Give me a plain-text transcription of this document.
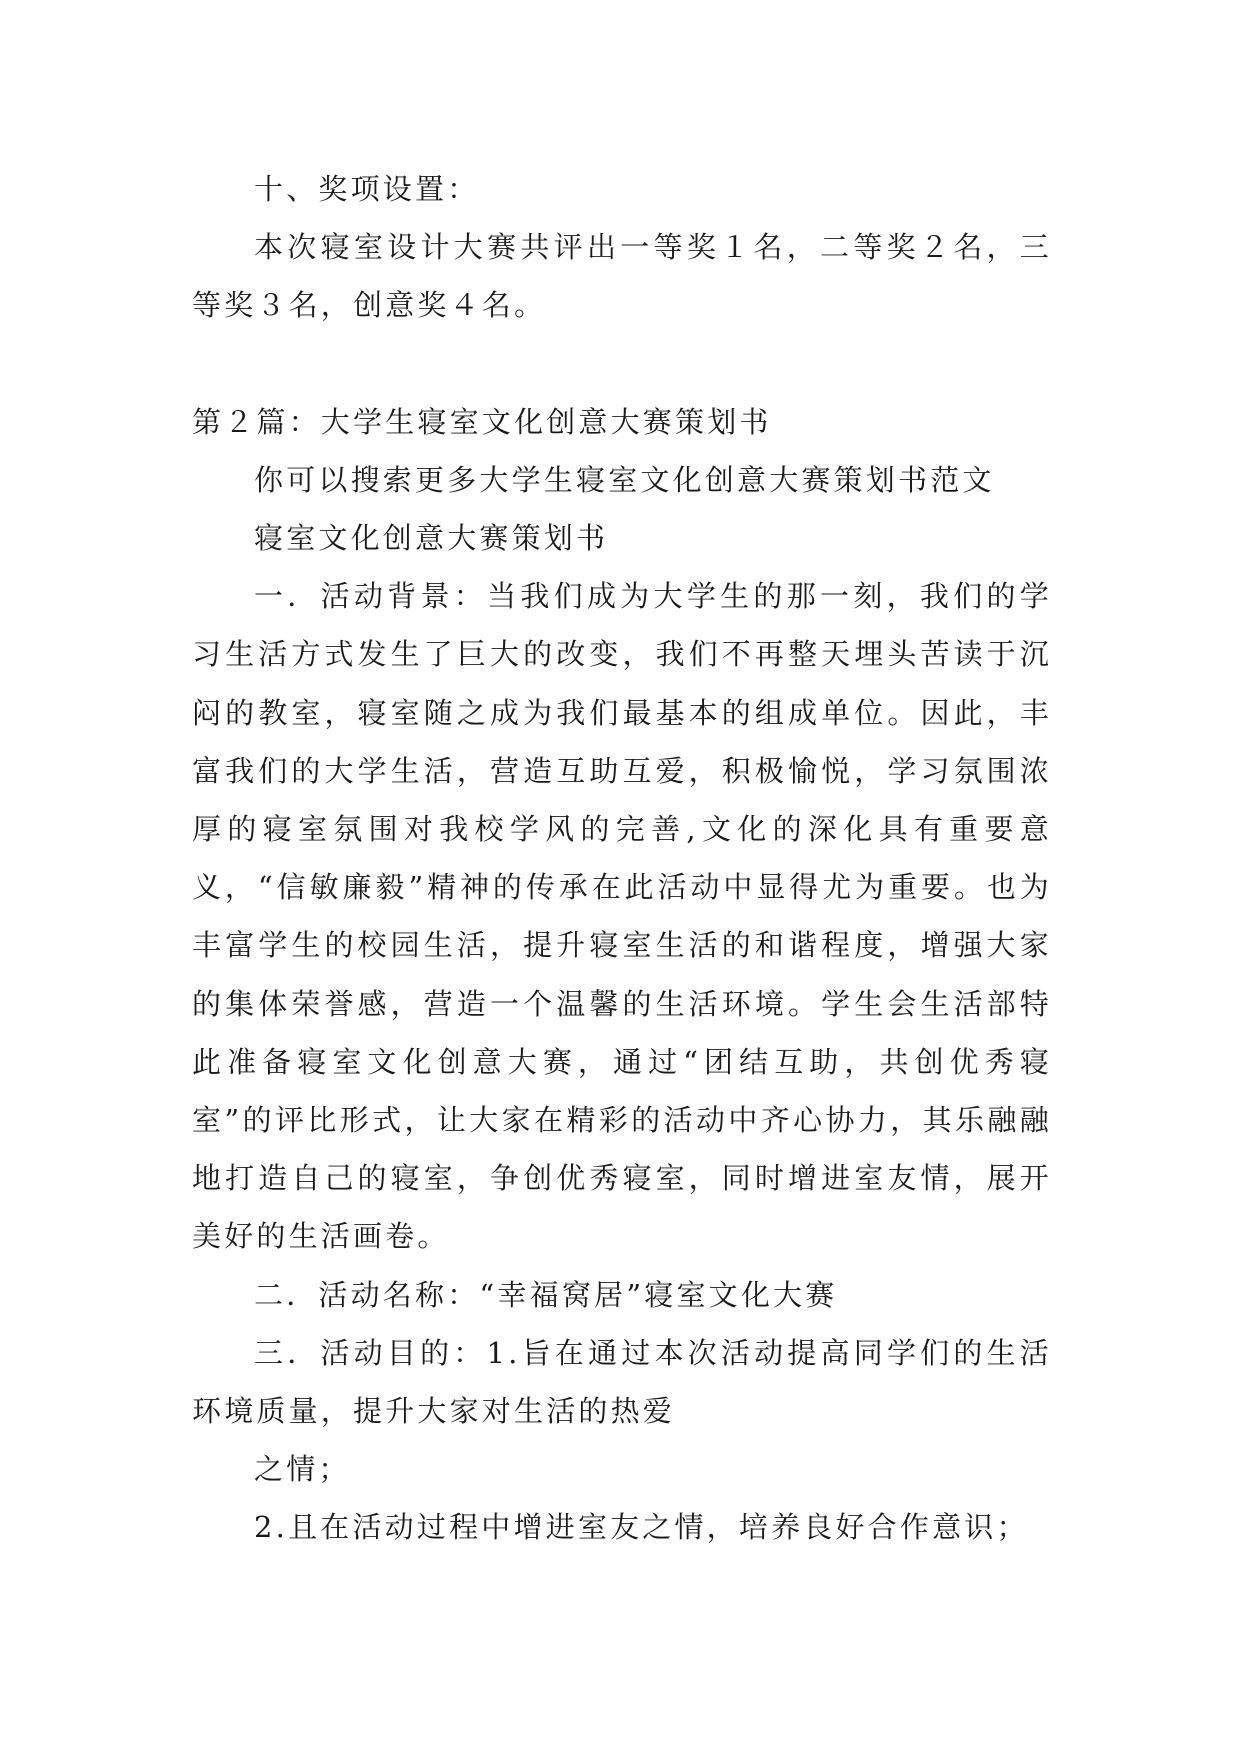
十、奖项设置：

本次寝室设计大赛共评出一等奖１名，二等奖２名，三等奖３名，创意奖４名。

第２篇：大学生寝室文化创意大赛策划书

你可以搜索更多大学生寝室文化创意大赛策划书范文

寝室文化创意大赛策划书

一．活动背景：当我们成为大学生的那一刻，我们的学习生活方式发生了巨大的改变，我们不再整天埋头苦读于沉闷的教室，寝室随之成为我们最基本的组成单位。因此，丰富我们的大学生活，营造互助互爱，积极愉悦，学习氛围浓厚的寝室氛围对我校学风的完善,文化的深化具有重要意义，“信敏廉毅”精神的传承在此活动中显得尤为重要。也为丰富学生的校园生活，提升寝室生活的和谐程度，增强大家的集体荣誉感，营造一个温馨的生活环境。学生会生活部特此准备寝室文化创意大赛，通过“团结互助，共创优秀寝室”的评比形式，让大家在精彩的活动中齐心协力，其乐融融地打造自己的寝室，争创优秀寝室，同时增进室友情，展开美好的生活画卷。

二．活动名称：“幸福窝居”寝室文化大赛

三．活动目的：1.旨在通过本次活动提高同学们的生活环境质量，提升大家对生活的热爱

之情；

2.且在活动过程中增进室友之情，培养良好合作意识；
